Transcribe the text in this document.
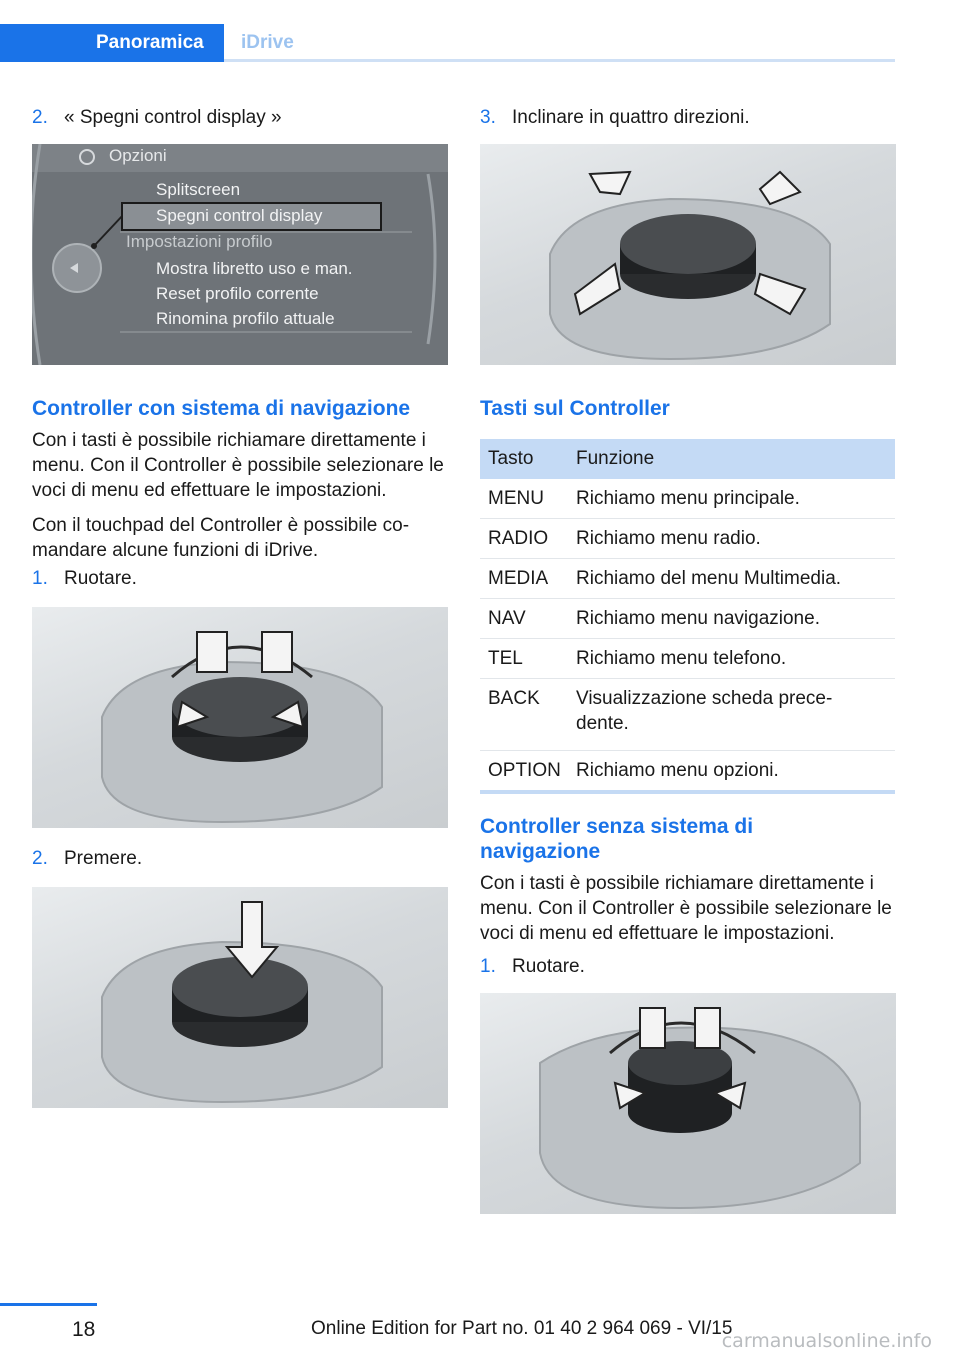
Panoramica	iDrive
2. « Spegni control display »
Opzioni
Splitscreen
Spegni control display
Impostazioni profilo
Mostra libretto uso e man.
Reset profilo corrente
Rinomina profilo attuale
Controller con sistema di navigazione
Con i tasti è possibile richiamare direttamente i menu. Con il Controller è possibile selezionare le voci di menu ed effettuare le impostazioni.
Con il touchpad del Controller è possibile co‐mandare alcune funzioni di iDrive.
1. Ruotare.
2. Premere.
3. Inclinare in quattro direzioni.
Tasti sul Controller
Tasto	Funzione
MENU	Richiamo menu principale.
RADIO	Richiamo menu radio.
MEDIA	Richiamo del menu Multimedia.
NAV	Richiamo menu navigazione.
TEL	Richiamo menu telefono.
BACK	Visualizzazione scheda prece‐dente.
OPTION	Richiamo menu opzioni.
Controller senza sistema di navigazione
Con i tasti è possibile richiamare direttamente i menu. Con il Controller è possibile selezionare le voci di menu ed effettuare le impostazioni.
1. Ruotare.
18	Online Edition for Part no. 01 40 2 964 069 - VI/15
carmanualsonline.info
